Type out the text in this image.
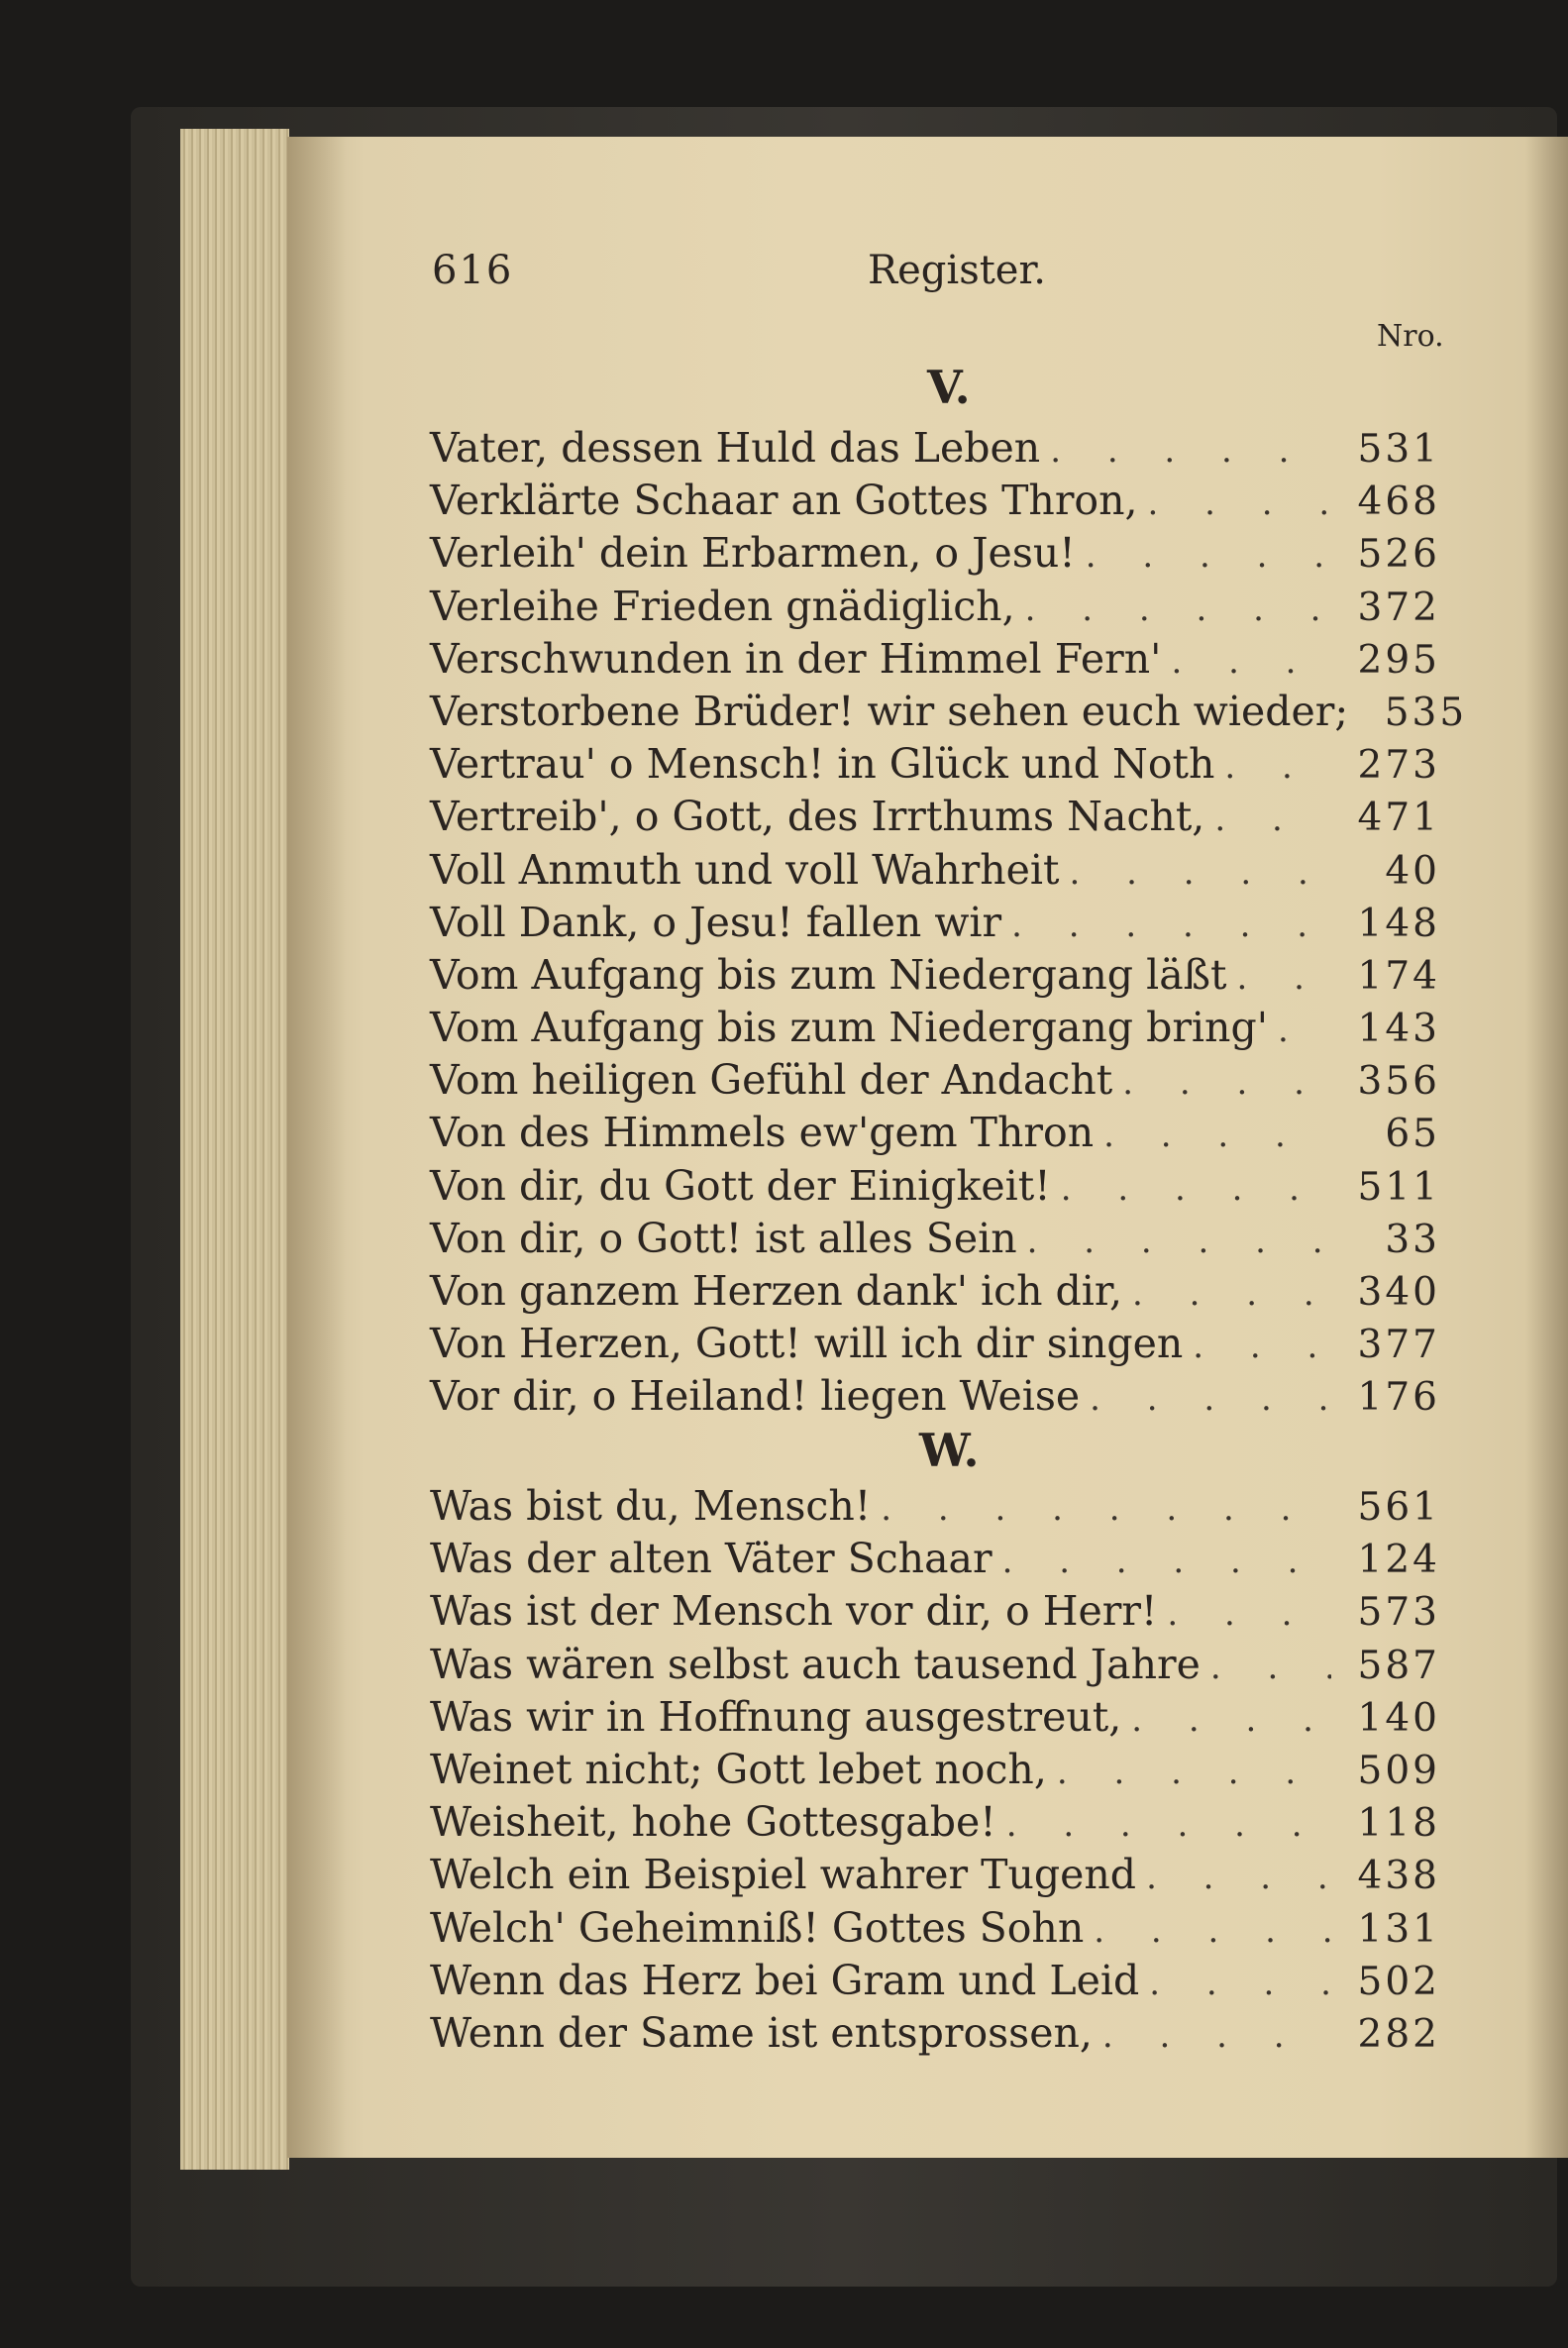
616	Register.
Nro.
V.
Vater, dessen Huld das Leben . . .	531
Verklärte Schaar an Gottes Thron, . . .	468
Verleih' dein Erbarmen, o Jesu! . . .	526
Verleihe Frieden gnädiglich, . . .	372
Verschwunden in der Himmel Fern' . . .	295
Verstorbene Brüder! wir sehen euch wieder; . . . 535
Vertrau' o Mensch! in Glück und Noth . . .	273
Vertreib', o Gott, des Irrthums Nacht, . . .	471
Voll Anmuth und voll Wahrheit . . .	40
Voll Dank, o Jesu! fallen wir . . .	148
Vom Aufgang bis zum Niedergang läßt . . .	174
Vom Aufgang bis zum Niedergang bring' . . .	143
Vom heiligen Gefühl der Andacht . . .	356
Von des Himmels ew'gem Thron . . .	65
Von dir, du Gott der Einigkeit! . . .	511
Von dir, o Gott! ist alles Sein . . .	33
Von ganzem Herzen dank' ich dir, . . .	340
Von Herzen, Gott! will ich dir singen . . .	377
Vor dir, o Heiland! liegen Weise . . .	176
W.
Was bist du, Mensch! . . .	561
Was der alten Väter Schaar . . .	124
Was ist der Mensch vor dir, o Herr! . . .	573
Was wären selbst auch tausend Jahre . . .	587
Was wir in Hoffnung ausgestreut, . . .	140
Weinet nicht; Gott lebet noch, . . .	509
Weisheit, hohe Gottesgabe! . . .	118
Welch ein Beispiel wahrer Tugend . . .	438
Welch' Geheimniß! Gottes Sohn . . .	131
Wenn das Herz bei Gram und Leid . . .	502
Wenn der Same ist entsprossen, . . .	282
